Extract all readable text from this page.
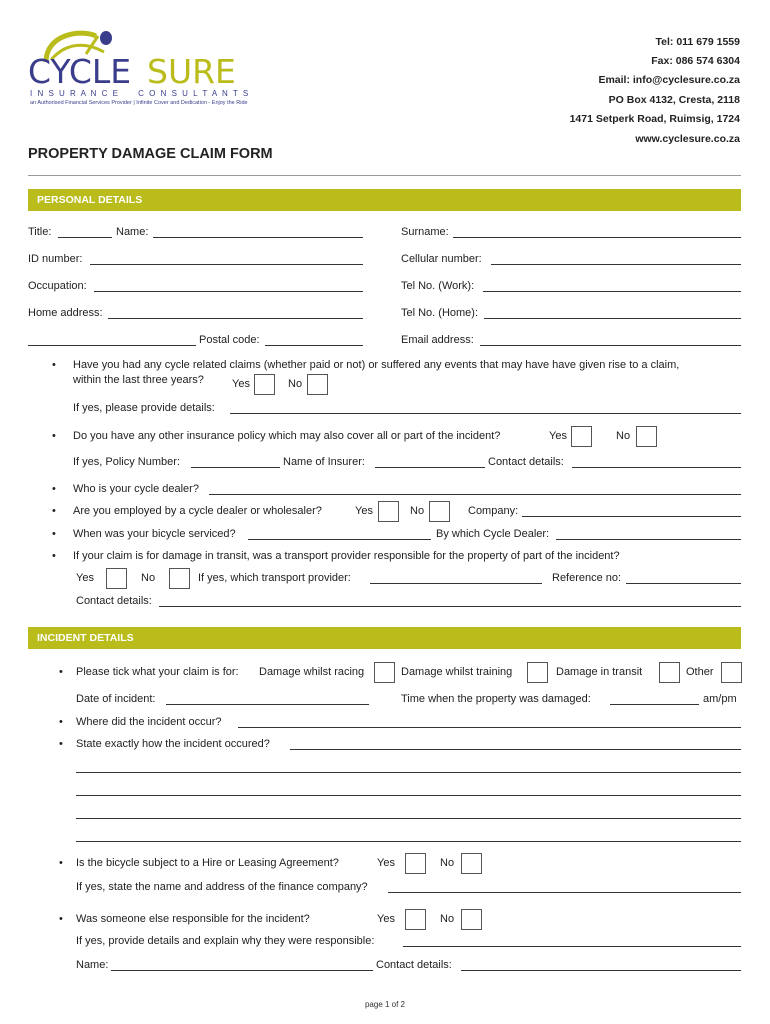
CYCLE SURE
I N S U R A N C E     C O N S U L T A N T S
an Authorised Financial Services Provider | Infinite Cover and Dedication - Enjoy the Ride
Tel: 011 679 1559
Fax: 086 574 6304
Email: info@cyclesure.co.za
PO Box 4132, Cresta, 2118
1471 Setperk Road, Ruimsig, 1724
www.cyclesure.co.za
PROPERTY DAMAGE CLAIM FORM
PERSONAL DETAILS
Title:	Name:	Surname:
ID number:	Cellular number:
Occupation:	Tel No. (Work):
Home address:	Tel No. (Home):
Postal code:	Email address:
• Have you had any cycle related claims (whether paid or not) or suffered any events that may have have given rise to a claim,
within the last three years?	Yes	No
If yes, please provide details:
• Do you have any other insurance policy which may also cover all or part of the incident?	Yes	No
If yes, Policy Number:	Name of Insurer:	Contact details:
• Who is your cycle dealer?
• Are you employed by a cycle dealer or wholesaler?	Yes	No	Company:
• When was your bicycle serviced?	By which Cycle Dealer:
• If your claim is for damage in transit, was a transport provider responsible for the property of part of the incident?
Yes	No	If yes, which transport provider:	Reference no:
Contact details:
INCIDENT DETAILS
• Please tick what your claim is for: Damage whilst racing	Damage whilst training	Damage in transit	Other
Date of incident:	Time when the property was damaged:	am/pm
• Where did the incident occur?
• State exactly how the incident occured?
• Is the bicycle subject to a Hire or Leasing Agreement?	Yes	No
If yes, state the name and address of the finance company?
• Was someone else responsible for the incident?	Yes	No
If yes, provide details and explain why they were responsible:
Name:	Contact details:
page 1 of 2
